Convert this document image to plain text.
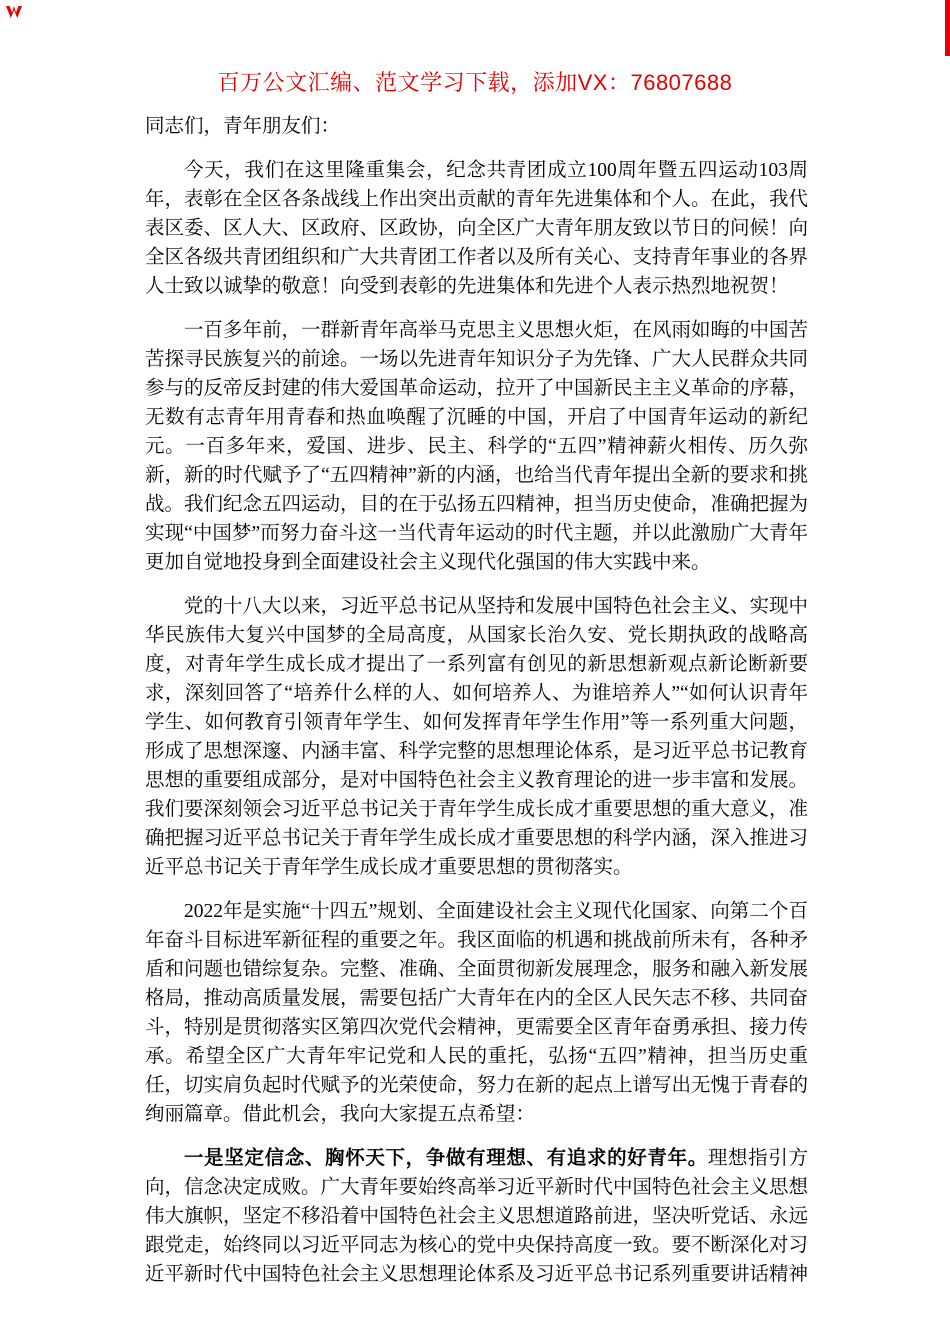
百万公文汇编、范文学习下载，添加VX：76807688

同志们，青年朋友们：

今天，我们在这里隆重集会，纪念共青团成立100周年暨五四运动103周年，表彰在全区各条战线上作出突出贡献的青年先进集体和个人。在此，我代表区委、区人大、区政府、区政协，向全区广大青年朋友致以节日的问候！向全区各级共青团组织和广大共青团工作者以及所有关心、支持青年事业的各界人士致以诚挚的敬意！向受到表彰的先进集体和先进个人表示热烈地祝贺！

一百多年前，一群新青年高举马克思主义思想火炬，在风雨如晦的中国苦苦探寻民族复兴的前途。一场以先进青年知识分子为先锋、广大人民群众共同参与的反帝反封建的伟大爱国革命运动，拉开了中国新民主主义革命的序幕，无数有志青年用青春和热血唤醒了沉睡的中国，开启了中国青年运动的新纪元。一百多年来，爱国、进步、民主、科学的“五四”精神薪火相传、历久弥新，新的时代赋予了“五四精神”新的内涵，也给当代青年提出全新的要求和挑战。我们纪念五四运动，目的在于弘扬五四精神，担当历史使命，准确把握为实现“中国梦”而努力奋斗这一当代青年运动的时代主题，并以此激励广大青年更加自觉地投身到全面建设社会主义现代化强国的伟大实践中来。

党的十八大以来，习近平总书记从坚持和发展中国特色社会主义、实现中华民族伟大复兴中国梦的全局高度，从国家长治久安、党长期执政的战略高度，对青年学生成长成才提出了一系列富有创见的新思想新观点新论断新要求，深刻回答了“培养什么样的人、如何培养人、为谁培养人”“如何认识青年学生、如何教育引领青年学生、如何发挥青年学生作用”等一系列重大问题，形成了思想深邃、内涵丰富、科学完整的思想理论体系，是习近平总书记教育思想的重要组成部分，是对中国特色社会主义教育理论的进一步丰富和发展。我们要深刻领会习近平总书记关于青年学生成长成才重要思想的重大意义，准确把握习近平总书记关于青年学生成长成才重要思想的科学内涵，深入推进习近平总书记关于青年学生成长成才重要思想的贯彻落实。

2022年是实施“十四五”规划、全面建设社会主义现代化国家、向第二个百年奋斗目标进军新征程的重要之年。我区面临的机遇和挑战前所未有，各种矛盾和问题也错综复杂。完整、准确、全面贯彻新发展理念，服务和融入新发展格局，推动高质量发展，需要包括广大青年在内的全区人民矢志不移、共同奋斗，特别是贯彻落实区第四次党代会精神，更需要全区青年奋勇承担、接力传承。希望全区广大青年牢记党和人民的重托，弘扬“五四”精神，担当历史重任，切实肩负起时代赋予的光荣使命，努力在新的起点上谱写出无愧于青春的绚丽篇章。借此机会，我向大家提五点希望：

一是坚定信念、胸怀天下，争做有理想、有追求的好青年。理想指引方向，信念决定成败。广大青年要始终高举习近平新时代中国特色社会主义思想伟大旗帜，坚定不移沿着中国特色社会主义思想道路前进，坚决听党话、永远跟党走，始终同以习近平同志为核心的党中央保持高度一致。要不断深化对习近平新时代中国特色社会主义思想理论体系及习近平总书记系列重要讲话精神
